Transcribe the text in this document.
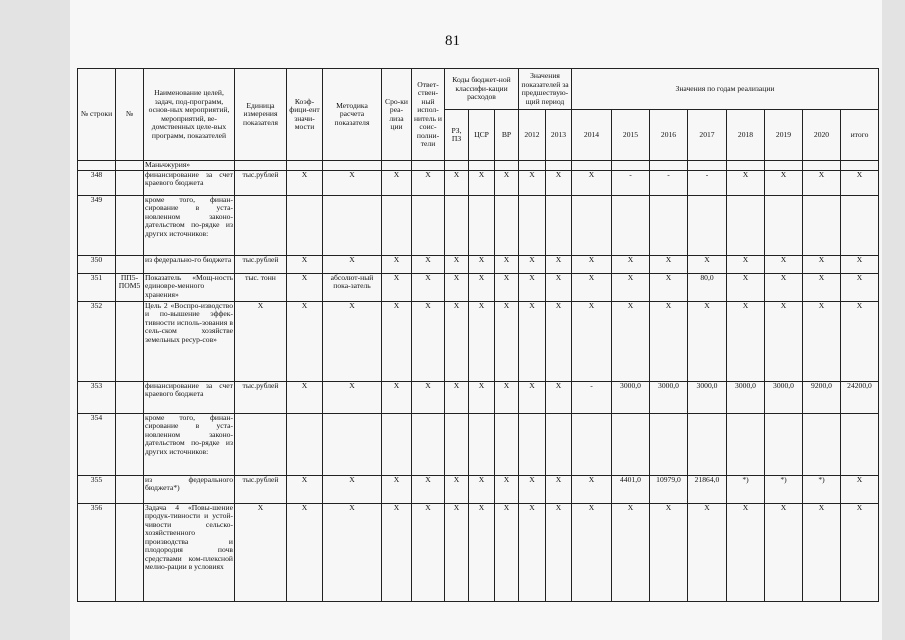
81
№ строки	№	Наименование целей, задач, под-программ, основ-ных мероприятий, мероприятий, ве-домственных целе-вых программ, показателей	Единица измерения показателя	Коэф-фици-ент значи-мости	Методика расчета показателя	Сро-ки реа-лиза ции	Ответ-ствен-ный испол-нитель и соис-полни-тели	Коды бюджет-ной классифи-кации расходов			Значения показателей за предшествую-щий период		Значения по годам реализации							
								РЗ, ПЗ	ЦСР	ВР	2012	2013	2014	2015	2016	2017	2018	2019	2020	итого
		Маньчжурия»																		
348		финансирование за счет краевого бюджета	тыс.рублей	X	X	X	X	X	X	X	X	X	X	-	-	-	X	X	X	X
349		кроме того, финан-сирование в уста-новленном законо-дательством по-рядке из других источников:																		
350		из федерально-го бюджета	тыс.рублей	X	X	X	X	X	X	X	X	X	X	X	X	X	X	X	X	X
351	ПП5-ПОМ5	Показатель «Мощ-ность единовре-менного хранения»	тыс. тонн	X	абсолют-ный пока-затель	X	X	X	X	X	X	X	X	X	X	80,0	X	X	X	X
352		Цель 2 «Воспро-изводство и по-вышение эффек-тивности исполь-зования в сель-ском хозяйстве земельных ресур-сов»	X	X	X	X	X	X	X	X	X	X	X	X	X	X	X	X	X	X
353		финансирование за счет краевого бюджета	тыс.рублей	X	X	X	X	X	X	X	X	X	-	3000,0	3000,0	3000,0	3000,0	3000,0	9200,0	24200,0
354		кроме того, финан-сирование в уста-новленном законо-дательством по-рядке из других источников:																		
355		из федерального бюджета*)	тыс.рублей	X	X	X	X	X	X	X	X	X	X	4401,0	10979,0	21864,0	*)	*)	*)	X
356		Задача 4 «Повы-шение продук-тивности и устой-чивости сельско-хозяйственного производства и плодородия почв средствами ком-плексной мелио-рации в условиях	X	X	X	X	X	X	X	X	X	X	X	X	X	X	X	X	X	X
